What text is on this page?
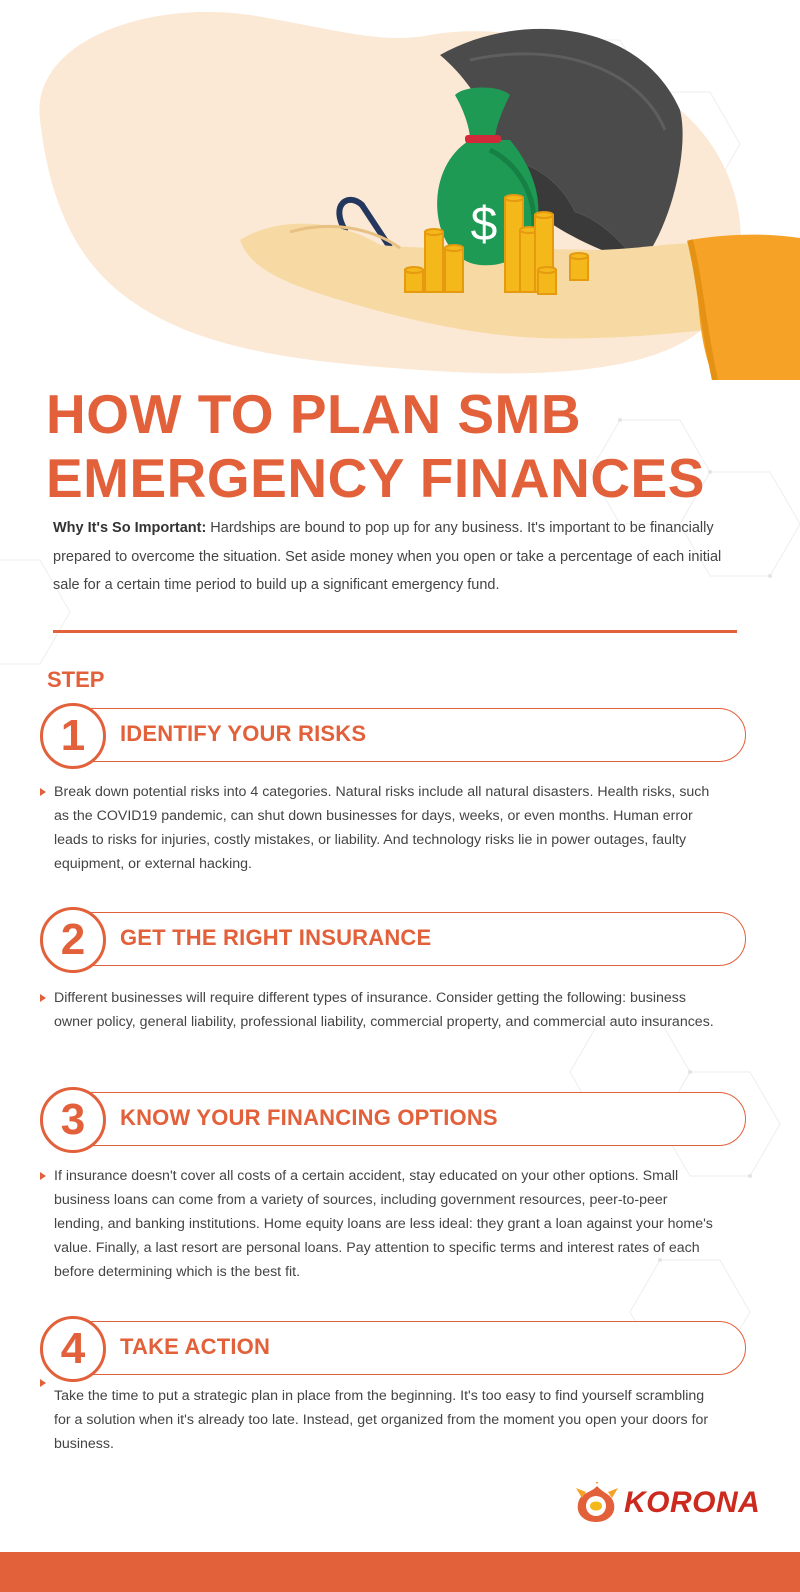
$
HOW TO PLAN SMB
EMERGENCY FINANCES

Why It's So Important: Hardships are bound to pop up for any business. It's important to be financially prepared to overcome the situation. Set aside money when you open or take a percentage of each initial sale for a certain time period to build up a significant emergency fund.

STEP
1 IDENTIFY YOUR RISKS

Break down potential risks into 4 categories. Natural risks include all natural disasters. Health risks, such as the COVID19 pandemic, can shut down businesses for days, weeks, or even months. Human error leads to risks for injuries, costly mistakes, or liability. And technology risks lie in power outages, faulty equipment, or external hacking.

2 GET THE RIGHT INSURANCE

Different businesses will require different types of insurance. Consider getting the following: business owner policy, general liability, professional liability, commercial property, and commercial auto insurances.

3 KNOW YOUR FINANCING OPTIONS

If insurance doesn't cover all costs of a certain accident, stay educated on your other options. Small business loans can come from a variety of sources, including government resources, peer-to-peer lending, and banking institutions. Home equity loans are less ideal: they grant a loan against your home's value. Finally, a last resort are personal loans. Pay attention to specific terms and interest rates of each before determining which is the best fit.

4 TAKE ACTION

Take the time to put a strategic plan in place from the beginning. It's too easy to find yourself scrambling for a solution when it's already too late. Instead, get organized from the moment you open your doors for business.

KORONA
